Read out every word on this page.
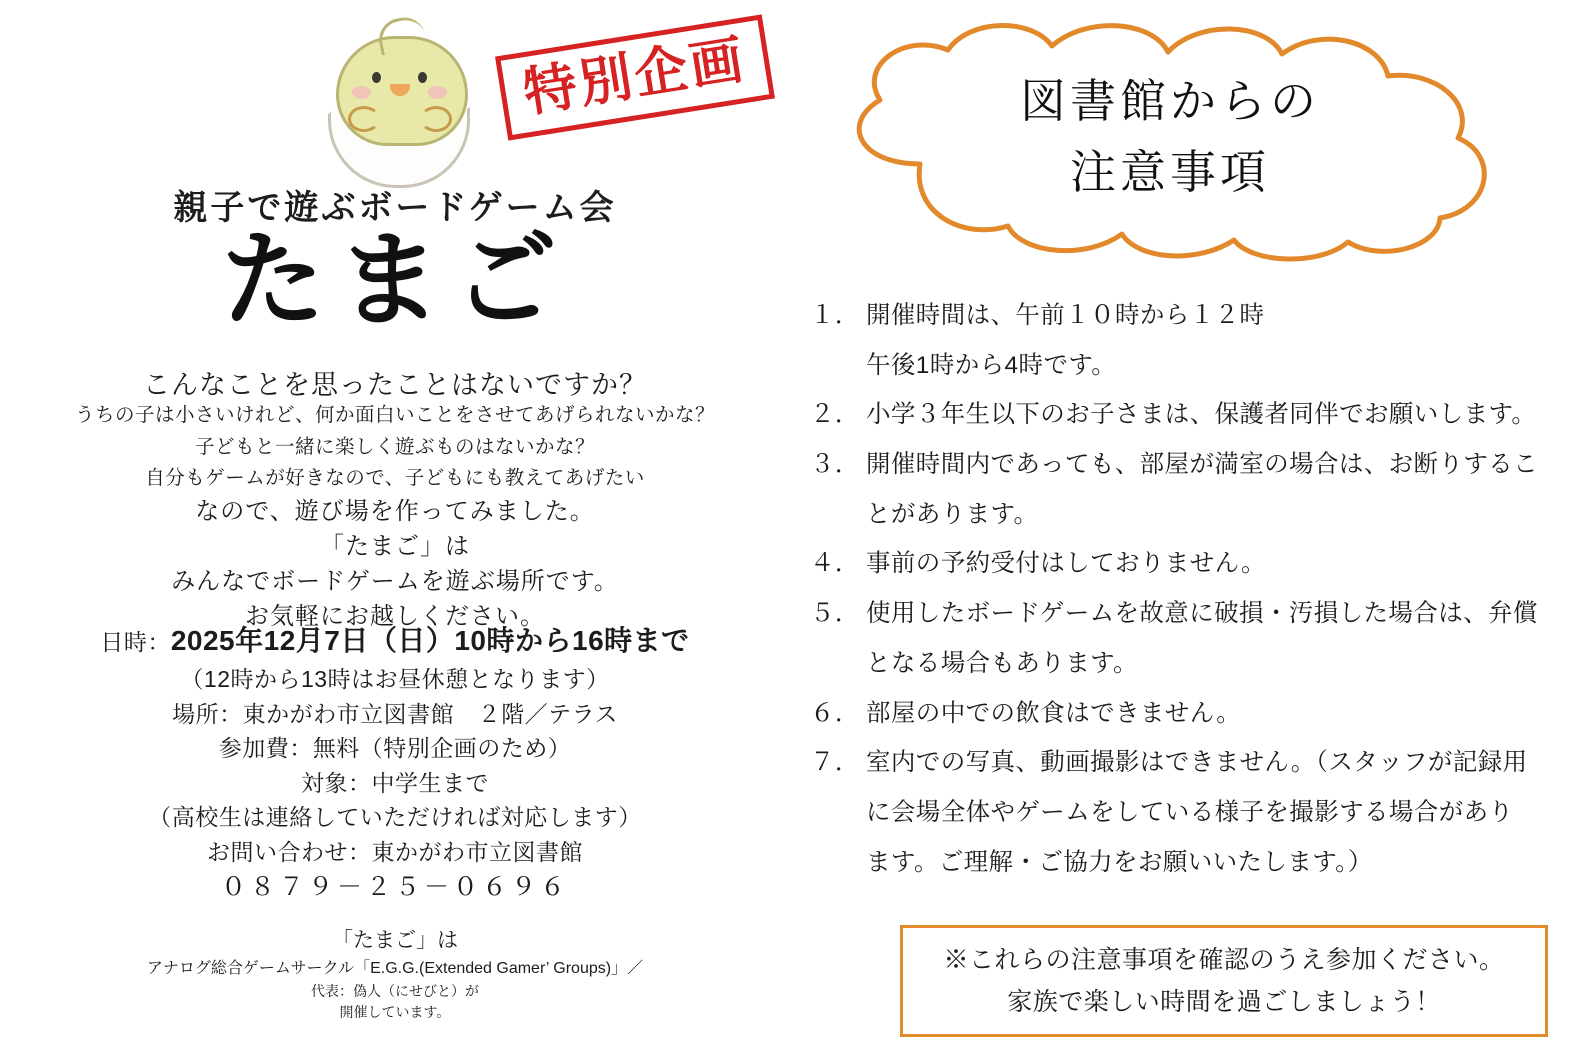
特別企画
親子で遊ぶボードゲーム会
たまご
こんなことを思ったことはないですか？
うちの子は小さいけれど、何か面白いことをさせてあげられないかな？
子どもと一緒に楽しく遊ぶものはないかな？
自分もゲームが好きなので、子どもにも教えてあげたい
なので、遊び場を作ってみました。
「たまご」は
みんなでボードゲームを遊ぶ場所です。
お気軽にお越しください。
日時：2025年12月7日（日）10時から16時まで
（12時から13時はお昼休憩となります）
場所：東かがわ市立図書館　２階／テラス
参加費：無料（特別企画のため）
対象：中学生まで
（高校生は連絡していただければ対応します）
お問い合わせ：東かがわ市立図書館
０８７９－２５－０６９６
「たまご」は
アナログ総合ゲームサークル「E.G.G.(Extended Gamer’ Groups)」／
代表：偽人（にせびと）が
開催しています。
図書館からの
注意事項
１． 開催時間は、午前１０時から１２時
午後1時から4時です。
２． 小学３年生以下のお子さまは、保護者同伴でお願いします。
３． 開催時間内であっても、部屋が満室の場合は、お断りするこ
とがあります。
４． 事前の予約受付はしておりません。
５． 使用したボードゲームを故意に破損・汚損した場合は、弁償
となる場合もあります。
６． 部屋の中での飲食はできません。
７． 室内での写真、動画撮影はできません。（スタッフが記録用
に会場全体やゲームをしている様子を撮影する場合があり
ます。ご理解・ご協力をお願いいたします。）
※これらの注意事項を確認のうえ参加ください。
家族で楽しい時間を過ごしましょう！
